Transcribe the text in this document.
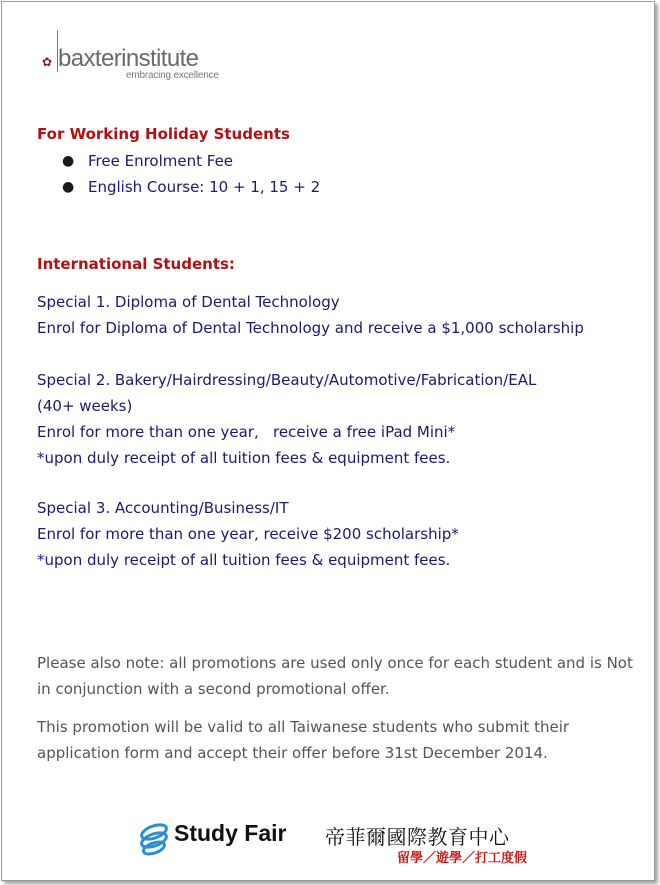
✿ baxterinstitute
embracing excellence
For Working Holiday Students
● Free Enrolment Fee
● English Course: 10 + 1, 15 + 2
International Students:

Special 1. Diploma of Dental Technology

Enrol for Diploma of Dental Technology and receive a $1,000 scholarship

Special 2. Bakery/Hairdressing/Beauty/Automotive/Fabrication/EAL

(40+ weeks)

Enrol for more than one year,   receive a free iPad Mini*

*upon duly receipt of all tuition fees & equipment fees.

Special 3. Accounting/Business/IT

Enrol for more than one year, receive $200 scholarship*

*upon duly receipt of all tuition fees & equipment fees.

Please also note: all promotions are used only once for each student and is Not in conjunction with a second promotional offer.

This promotion will be valid to all Taiwanese students who submit their application form and accept their offer before 31st December 2014.

Study Fair 帝菲爾國際教育中心
留學／遊學／打工度假
